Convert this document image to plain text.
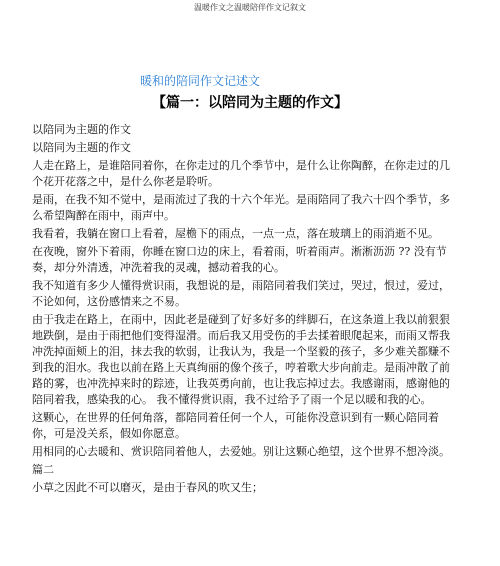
温暖作文之温暖陪伴作文记叙文
暖和的陪同作文记述文
【篇一：以陪同为主题的作文】

以陪同为主题的作文

以陪同为主题的作文

人走在路上，是谁陪同着你，在你走过的几个季节中，是什么让你陶醉，在你走过的几个花开花落之中，是什么你老是聆听。

是雨，在我不知不觉中，是雨流过了我的十六个年光。是雨陪同了我六十四个季节，多么希望陶醉在雨中，雨声中。

我看着，我躺在窗口上看着，屋檐下的雨点，一点一点，落在玻璃上的雨消逝不见。

在夜晚，窗外下着雨，你睡在窗口边的床上，看着雨，听着雨声。淅淅沥沥 ?? 没有节奏，却分外清透，冲洗着我的灵魂，撼动着我的心。

我不知道有多少人懂得赏识雨，我想说的是，雨陪同着我们笑过，哭过，恨过，爱过，不论如何，这份感情来之不易。

由于我走在路上，在雨中，因此老是碰到了好多好多的绊脚石，在这条道上我以前狠狠地跌倒，是由于雨把他们变得湿滑。而后我又用受伤的手去揉着眼爬起来，而雨又帮我冲洗掉面颊上的泪，抹去我的软弱，让我认为，我是一个坚毅的孩子，多少难关都赚不到我的泪水。我也以前在路上天真绚丽的像个孩子，哼着歌大步向前走。是雨冲散了前路的雾，也冲洗掉来时的踪迹，让我英勇向前，也让我忘掉过去。我感谢雨，感谢他的陪同着我，感染我的心。 我不懂得赏识雨，我不过给予了雨一个足以暖和我的心。

这颗心，在世界的任何角落，都陪同着任何一个人，可能你没意识到有一颗心陪同着你，可是没关系，假如你愿意。

用相同的心去暖和、赏识陪同着他人，去爱她。别让这颗心绝望，这个世界不想冷淡。

篇二

小草之因此不可以磨灭，是由于春风的吹又生；
